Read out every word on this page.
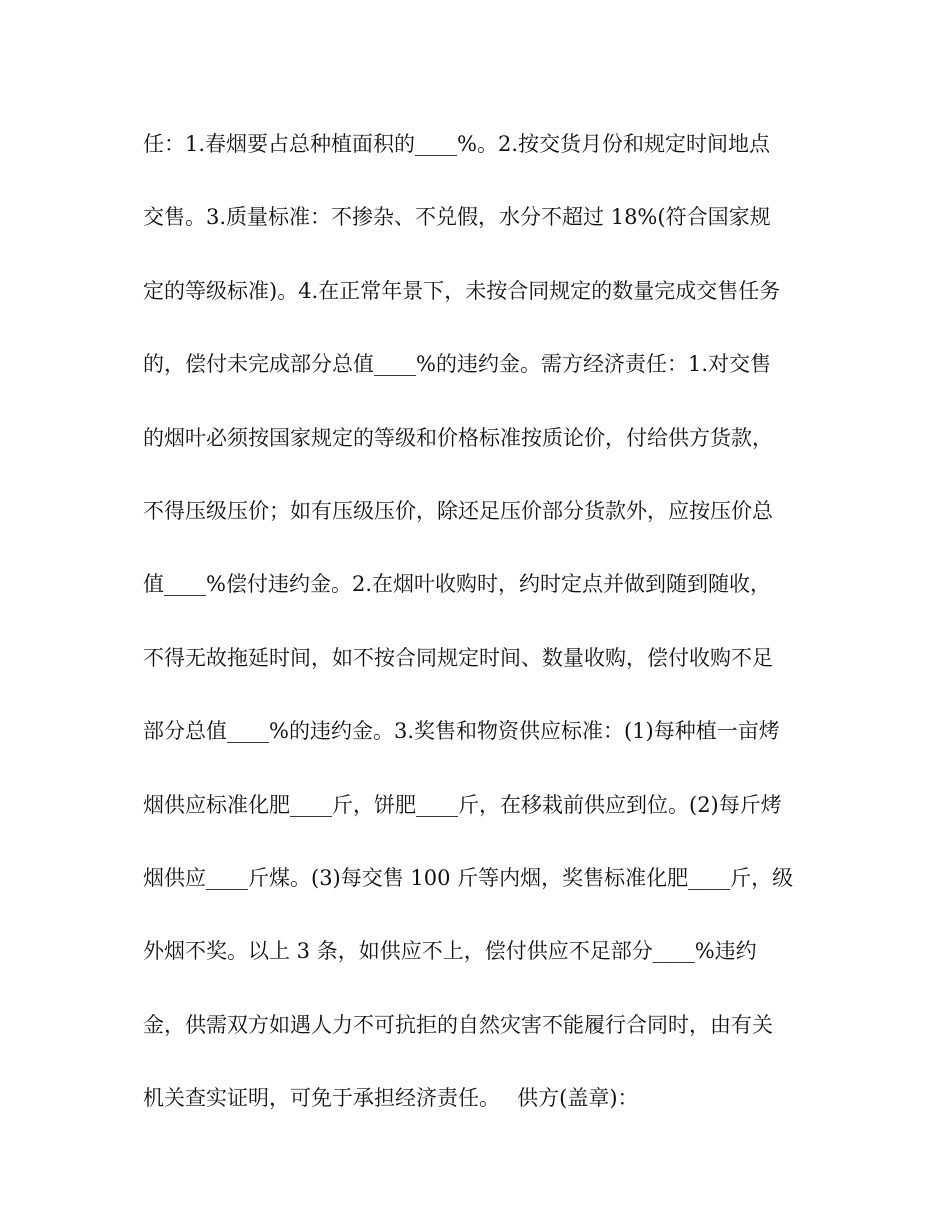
任：1.春烟要占总种植面积的____%。2.按交货月份和规定时间地点
交售。3.质量标准：不掺杂、不兑假，水分不超过 18%(符合国家规
定的等级标准)。4.在正常年景下，未按合同规定的数量完成交售任务
的，偿付未完成部分总值____%的违约金。需方经济责任：1.对交售
的烟叶必须按国家规定的等级和价格标准按质论价，付给供方货款，
不得压级压价；如有压级压价，除还足压价部分货款外，应按压价总
值____%偿付违约金。2.在烟叶收购时，约时定点并做到随到随收，
不得无故拖延时间，如不按合同规定时间、数量收购，偿付收购不足
部分总值____%的违约金。3.奖售和物资供应标准：(1)每种植一亩烤
烟供应标准化肥____斤，饼肥____斤，在移栽前供应到位。(2)每斤烤
烟供应____斤煤。(3)每交售 100 斤等内烟，奖售标准化肥____斤，级
外烟不奖。以上 3 条，如供应不上，偿付供应不足部分____%违约
金，供需双方如遇人力不可抗拒的自然灾害不能履行合同时，由有关
机关查实证明，可免于承担经济责任。　 供方(盖章)：
